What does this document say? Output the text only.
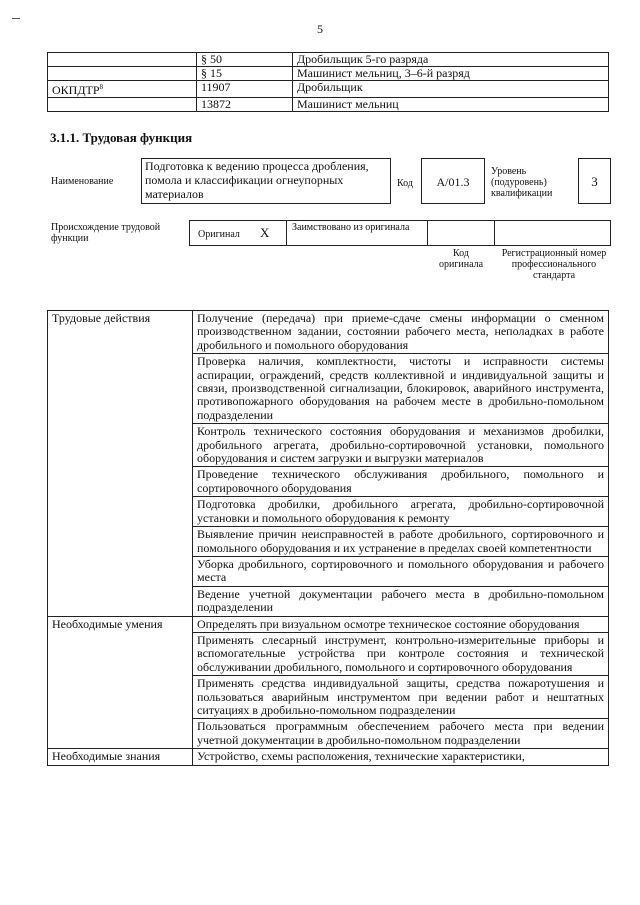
5
	§ 50	Дробильщик 5-го разряда
	§ 15	Машинист мельниц, 3–6-й разряд
ОКПДТР$^8$	11907	Дробильщик
	13872	Машинист мельниц
3.1.1. Трудовая функция
Наименование
Подготовка к ведению процесса дробления, помола и классификации огнеупорных материалов
Код	А/01.3
Уровень (подуровень) квалификации
3
Происхождение трудовой функции	Оригинал Х Заимствовано из оригинала
Код оригинала
Регистрационный номер профессионального стандарта
Трудовые действия	Получение (передача) при приеме-сдаче смены информации о сменном производственном задании, состоянии рабочего места, неполадках в работе дробильного и помольного оборудования
	Проверка наличия, комплектности, чистоты и исправности системы аспирации, ограждений, средств коллективной и индивидуальной защиты и связи, производственной сигнализации, блокировок, аварийного инструмента, противопожарного оборудования на рабочем месте в дробильно-помольном подразделении
	Контроль технического состояния оборудования и механизмов дробилки, дробильного агрегата, дробильно-сортировочной установки, помольного оборудования и систем загрузки и выгрузки материалов
	Проведение технического обслуживания дробильного, помольного и сортировочного оборудования
	Подготовка дробилки, дробильного агрегата, дробильно-сортировочной установки и помольного оборудования к ремонту
	Выявление причин неисправностей в работе дробильного, сортировочного и помольного оборудования и их устранение в пределах своей компетентности
	Уборка дробильного, сортировочного и помольного оборудования и рабочего места
	Ведение учетной документации рабочего места в дробильно-помольном подразделении
Необходимые умения	Определять при визуальном осмотре техническое состояние оборудования
	Применять слесарный инструмент, контрольно-измерительные приборы и вспомогательные устройства при контроле состояния и технической обслуживании дробильного, помольного и сортировочного оборудования
	Применять средства индивидуальной защиты, средства пожаротушения и пользоваться аварийным инструментом при ведении работ и нештатных ситуациях в дробильно-помольном подразделении
	Пользоваться программным обеспечением рабочего места при ведении учетной документации в дробильно-помольном подразделении
Необходимые знания	Устройство, схемы расположения, технические характеристики,
